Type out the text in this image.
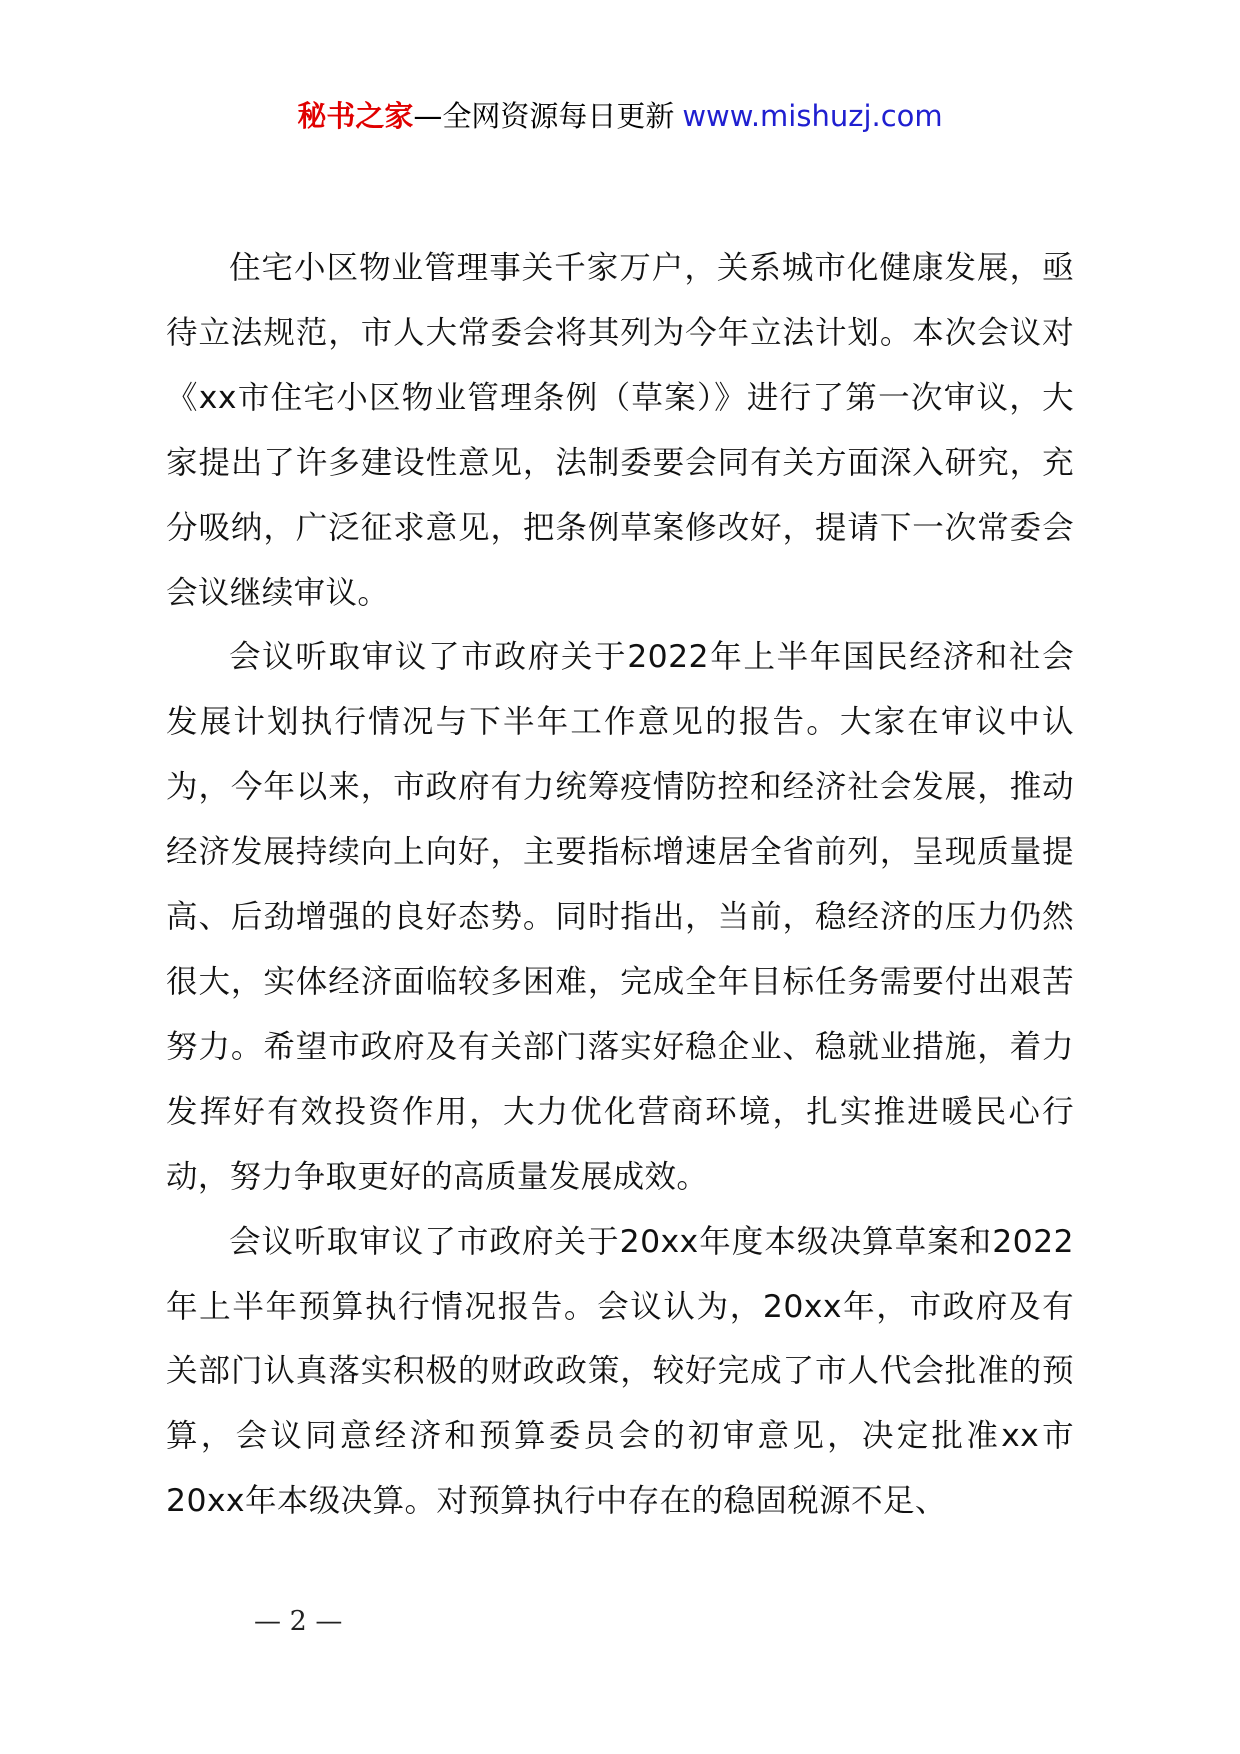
秘书之家—全网资源每日更新 www.mishuzj.com

住宅小区物业管理事关千家万户，关系城市化健康发展，亟待立法规范，市人大常委会将其列为今年立法计划。本次会议对《xx市住宅小区物业管理条例（草案）》进行了第一次审议，大家提出了许多建设性意见，法制委要会同有关方面深入研究，充分吸纳，广泛征求意见，把条例草案修改好，提请下一次常委会会议继续审议。

会议听取审议了市政府关于2022年上半年国民经济和社会发展计划执行情况与下半年工作意见的报告。大家在审议中认为，今年以来，市政府有力统筹疫情防控和经济社会发展，推动经济发展持续向上向好，主要指标增速居全省前列，呈现质量提高、后劲增强的良好态势。同时指出，当前，稳经济的压力仍然很大，实体经济面临较多困难，完成全年目标任务需要付出艰苦努力。希望市政府及有关部门落实好稳企业、稳就业措施，着力发挥好有效投资作用，大力优化营商环境，扎实推进暖民心行动，努力争取更好的高质量发展成效。

会议听取审议了市政府关于20xx年度本级决算草案和2022年上半年预算执行情况报告。会议认为，20xx年，市政府及有关部门认真落实积极的财政政策，较好完成了市人代会批准的预算，会议同意经济和预算委员会的初审意见，决定批准xx市20xx年本级决算。对预算执行中存在的稳固税源不足、

— 2 —
